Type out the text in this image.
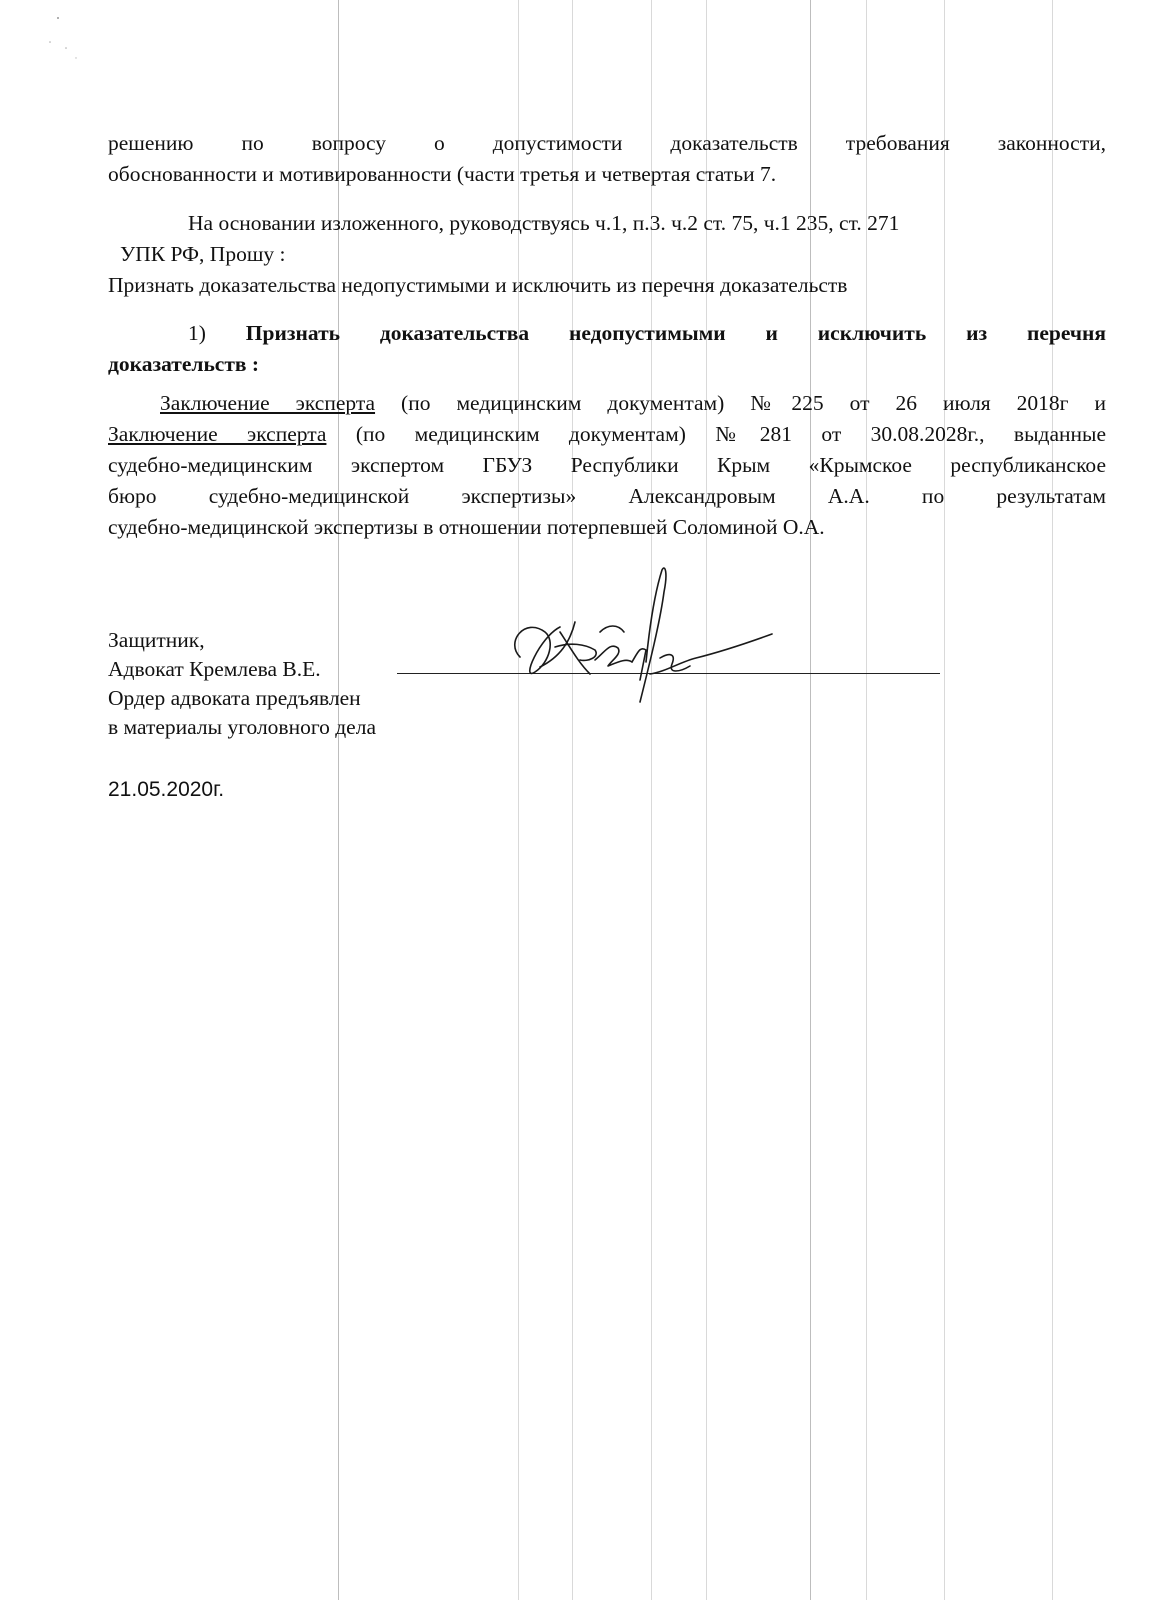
решению по вопросу о допустимости доказательств требования законности,
обоснованности и мотивированности (части третья и четвертая статьи 7.
На основании изложенного, руководствуясь ч.1, п.3. ч.2 ст. 75, ч.1 235, ст. 271
УПК РФ, Прошу :
Признать доказательства недопустимыми и исключить из перечня доказательств
1) Признать доказательства недопустимыми и исключить из перечня
доказательств :
Заключение эксперта (по медицинским документам) №225 от 26 июля 2018г и
Заключение эксперта (по медицинским документам) №281 от 30.08.2028г., выданные
судебно-медицинским экспертом ГБУЗ Республики Крым «Крымское республиканское
бюро судебно-медицинской экспертизы» Александровым А.А. по результатам
судебно-медицинской экспертизы в отношении потерпевшей Соломиной О.А.
Защитник,
Адвокат Кремлева В.Е.
Ордер адвоката предъявлен
в материалы уголовного дела
21.05.2020г.
